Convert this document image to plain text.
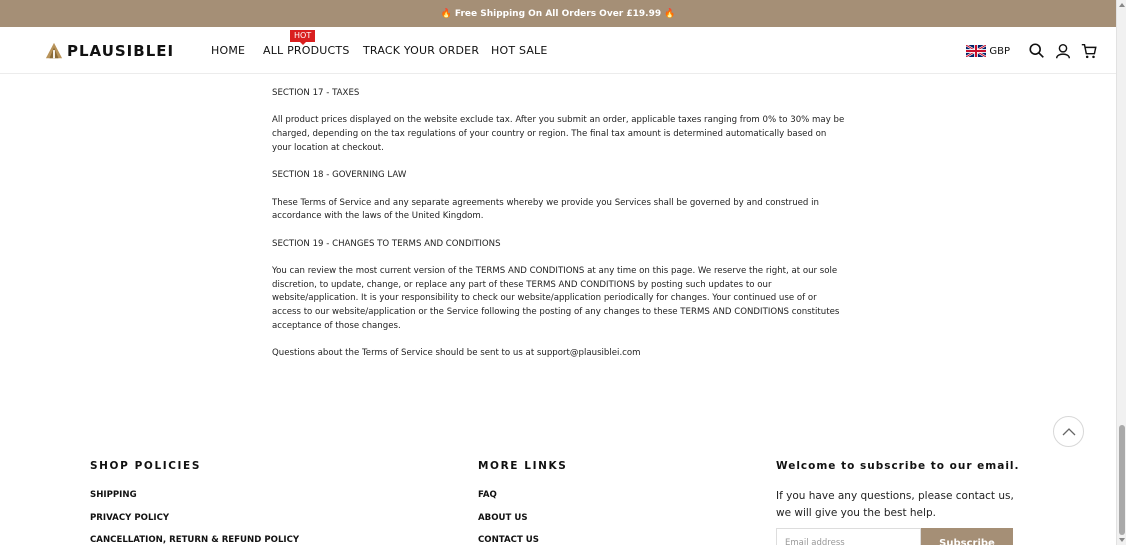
🔥 Free Shipping On All Orders Over £19.99 🔥
PLAUSIBLEI	HOME
HOT
ALL PRODUCTS TRACK YOUR ORDER HOT SALE	GBP

SECTION 17 - TAXES

All product prices displayed on the website exclude tax. After you submit an order, applicable taxes ranging from 0% to 30% may be charged, depending on the tax regulations of your country or region. The final tax amount is determined automatically based on your location at checkout.

SECTION 18 - GOVERNING LAW

These Terms of Service and any separate agreements whereby we provide you Services shall be governed by and construed in accordance with the laws of the United Kingdom.

SECTION 19 - CHANGES TO TERMS AND CONDITIONS

You can review the most current version of the TERMS AND CONDITIONS at any time on this page. We reserve the right, at our sole discretion, to update, change, or replace any part of these TERMS AND CONDITIONS by posting such updates to our website/application. It is your responsibility to check our website/application periodically for changes. Your continued use of or access to our website/application or the Service following the posting of any changes to these TERMS AND CONDITIONS constitutes acceptance of those changes.

Questions about the Terms of Service should be sent to us at support@plausiblei.com

SHOP POLICIES
SHIPPING
PRIVACY POLICY
CANCELLATION, RETURN & REFUND POLICY
MORE LINKS
FAQ
ABOUT US
CONTACT US
Welcome to subscribe to our email.
If you have any questions, please contact us, we will give you the best help.
Email address
Subscribe
